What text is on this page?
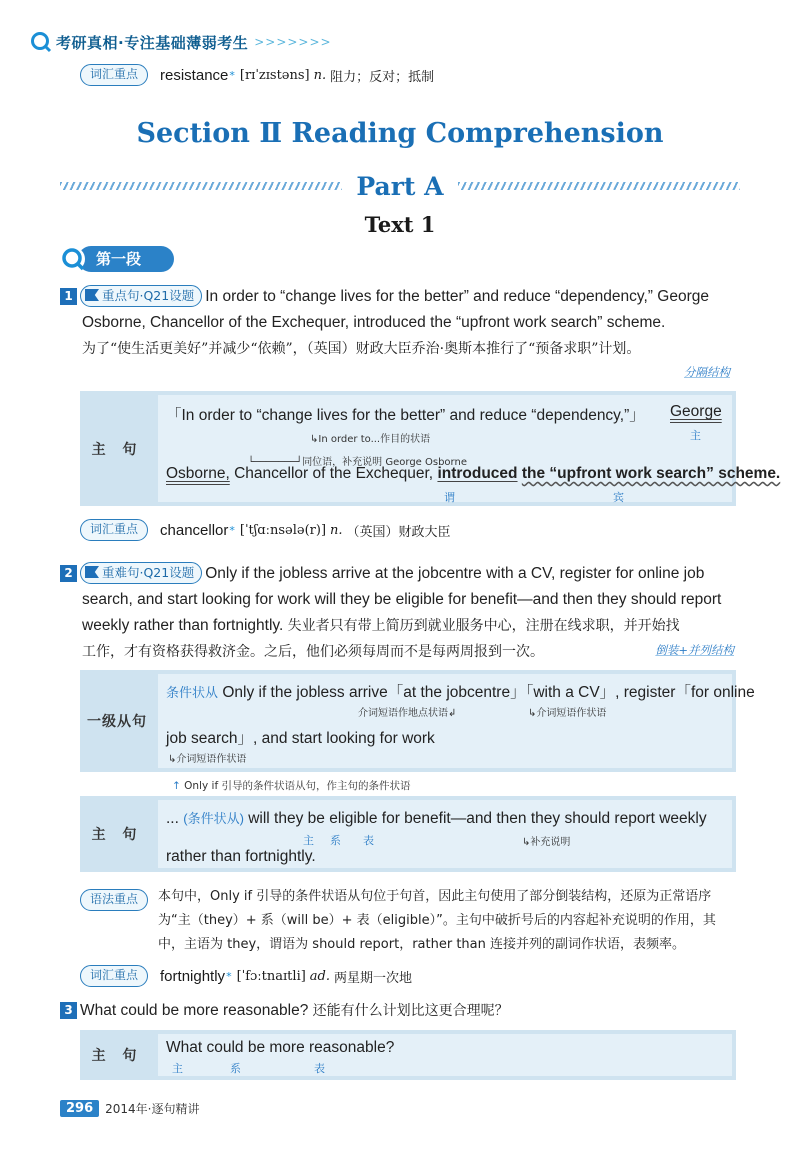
考研真相·专注基础薄弱考生 >>>>>>>
词汇重点	resistance * [rɪˈzɪstəns] n. 阻力；反对；抵制
Section Ⅱ Reading Comprehension
Part A
Text 1
第一段
1 重点句·Q21设题 In order to “change lives for the better” and reduce “dependency,” George
Osborne, Chancellor of the Exchequer, introduced the “upfront work search” scheme.
为了“使生活更美好”并减少“依赖”，（英国）财政大臣乔治·奥斯本推行了“预备求职”计划。
分隔结构
主 句
「In order to “change lives for the better” and reduce “dependency,”」 George
主
↳In order to...作目的状语
└───────┘同位语，补充说明 George Osborne
Osborne, Chancellor of the Exchequer, introduced the “upfront work search” scheme.
谓	宾
词汇重点	chancellor * [ˈtʃɑːnsələ(r)] n. （英国）财政大臣
2 重难句·Q21设题 Only if the jobless arrive at the jobcentre with a CV, register for online job
search, and start looking for work will they be eligible for benefit—and then they should report
weekly rather than fortnightly. 失业者只有带上简历到就业服务中心，注册在线求职，并开始找
工作，才有资格获得救济金。之后，他们必须每周而不是每两周报到一次。	倒装+并列结构
一级从句
条件状从 Only if the jobless arrive「at the jobcentre」「with a CV」, register「for online
介词短语作地点状语↲	↳介词短语作状语
job search」, and start looking for work
↳介词短语作状语
↑ Only if 引导的条件状语从句，作主句的条件状语
主 句
... (条件状从) will they be eligible for benefit—and then they should report weekly
主 系 表	↳补充说明
rather than fortnightly.
语法重点	本句中，Only if 引导的条件状语从句位于句首，因此主句使用了部分倒装结构，还原为正常语序为“主（they）+ 系（will be）+ 表（eligible）”。主句中破折号后的内容起补充说明的作用，其中，主语为 they，谓语为 should report，rather than 连接并列的副词作状语，表频率。
词汇重点	fortnightly * [ˈfɔːtnaɪtli] ad. 两星期一次地
3 What could be more reasonable? 还能有什么计划比这更合理呢？
主 句	What could be more reasonable?
主	系	表
296	2014年·逐句精讲
